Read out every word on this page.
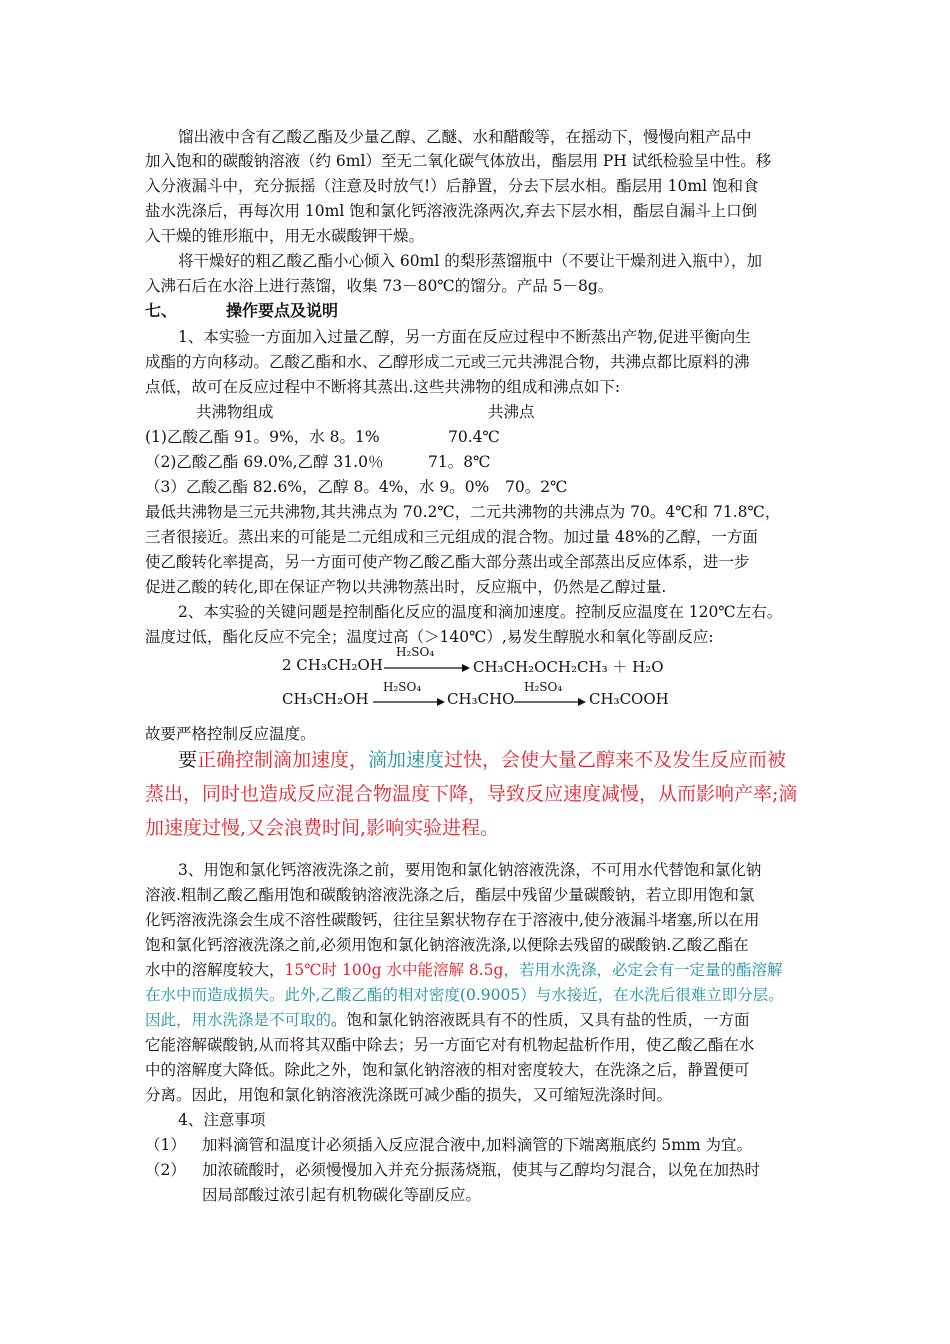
馏出液中含有乙酸乙酯及少量乙醇、乙醚、水和醋酸等，在摇动下，慢慢向粗产品中
加入饱和的碳酸钠溶液（约 6ml）至无二氧化碳气体放出，酯层用 PH 试纸检验呈中性。移
入分液漏斗中，充分振摇（注意及时放气!）后静置，分去下层水相。酯层用 10ml 饱和食
盐水洗涤后，再每次用 10ml 饱和氯化钙溶液洗涤两次,弃去下层水相，酯层自漏斗上口倒
入干燥的锥形瓶中，用无水碳酸钾干燥。
将干燥好的粗乙酸乙酯小心倾入 60ml 的梨形蒸馏瓶中（不要让干燥剂进入瓶中），加
入沸石后在水浴上进行蒸馏，收集 73－80℃的馏分。产品 5－8g。
七、	操作要点及说明
1、本实验一方面加入过量乙醇，另一方面在反应过程中不断蒸出产物,促进平衡向生
成酯的方向移动。乙酸乙酯和水、乙醇形成二元或三元共沸混合物，共沸点都比原料的沸
点低，故可在反应过程中不断将其蒸出.这些共沸物的组成和沸点如下:
共沸物组成	共沸点
(1)乙酸乙酯 91。9%，水 8。1%	70.4℃
（2)乙酸乙酯 69.0%,乙醇 31.0％	71。8℃
（3）乙酸乙酯 82.6%，乙醇 8。4%，水 9。0% 70。2℃
最低共沸物是三元共沸物,其共沸点为 70.2℃，二元共沸物的共沸点为 70。4℃和 71.8℃，
三者很接近。蒸出来的可能是二元组成和三元组成的混合物。加过量 48%的乙醇，一方面
使乙酸转化率提高，另一方面可使产物乙酸乙酯大部分蒸出或全部蒸出反应体系，进一步
促进乙酸的转化,即在保证产物以共沸物蒸出时，反应瓶中，仍然是乙醇过量.
2、本实验的关键问题是控制酯化反应的温度和滴加速度。控制反应温度在 120℃左右。
温度过低，酯化反应不完全；温度过高（＞140℃）,易发生醇脱水和氧化等副反应:
2 CH₃CH₂OH
H₂SO₄
CH₃CH₂OCH₂CH₃ ＋ H₂O
CH₃CH₂OH
H₂SO₄
CH₃CHO
H₂SO₄
CH₃COOH
故要严格控制反应温度。
要正确控制滴加速度，滴加速度过快，会使大量乙醇来不及发生反应而被
蒸出，同时也造成反应混合物温度下降，导致反应速度减慢，从而影响产率;滴
加速度过慢,又会浪费时间,影响实验进程。
3、用饱和氯化钙溶液洗涤之前，要用饱和氯化钠溶液洗涤，不可用水代替饱和氯化钠
溶液.粗制乙酸乙酯用饱和碳酸钠溶液洗涤之后，酯层中残留少量碳酸钠，若立即用饱和氯
化钙溶液洗涤会生成不溶性碳酸钙，往往呈絮状物存在于溶液中,使分液漏斗堵塞,所以在用
饱和氯化钙溶液洗涤之前,必须用饱和氯化钠溶液洗涤,以便除去残留的碳酸钠.乙酸乙酯在
水中的溶解度较大，15℃时 100g 水中能溶解 8.5g，若用水洗涤，必定会有一定量的酯溶解
在水中而造成损失。此外,乙酸乙酯的相对密度(0.9005）与水接近，在水洗后很难立即分层。
因此，用水洗涤是不可取的。饱和氯化钠溶液既具有不的性质，又具有盐的性质，一方面
它能溶解碳酸钠,从而将其双酯中除去；另一方面它对有机物起盐析作用，使乙酸乙酯在水
中的溶解度大降低。除此之外，饱和氯化钠溶液的相对密度较大，在洗涤之后，静置便可
分离。因此，用饱和氯化钠溶液洗涤既可减少酯的损失，又可缩短洗涤时间。
4、注意事项
（1） 加料滴管和温度计必须插入反应混合液中,加料滴管的下端离瓶底约 5mm 为宜。
（2） 加浓硫酸时，必须慢慢加入并充分振荡烧瓶，使其与乙醇均匀混合，以免在加热时
因局部酸过浓引起有机物碳化等副反应。
